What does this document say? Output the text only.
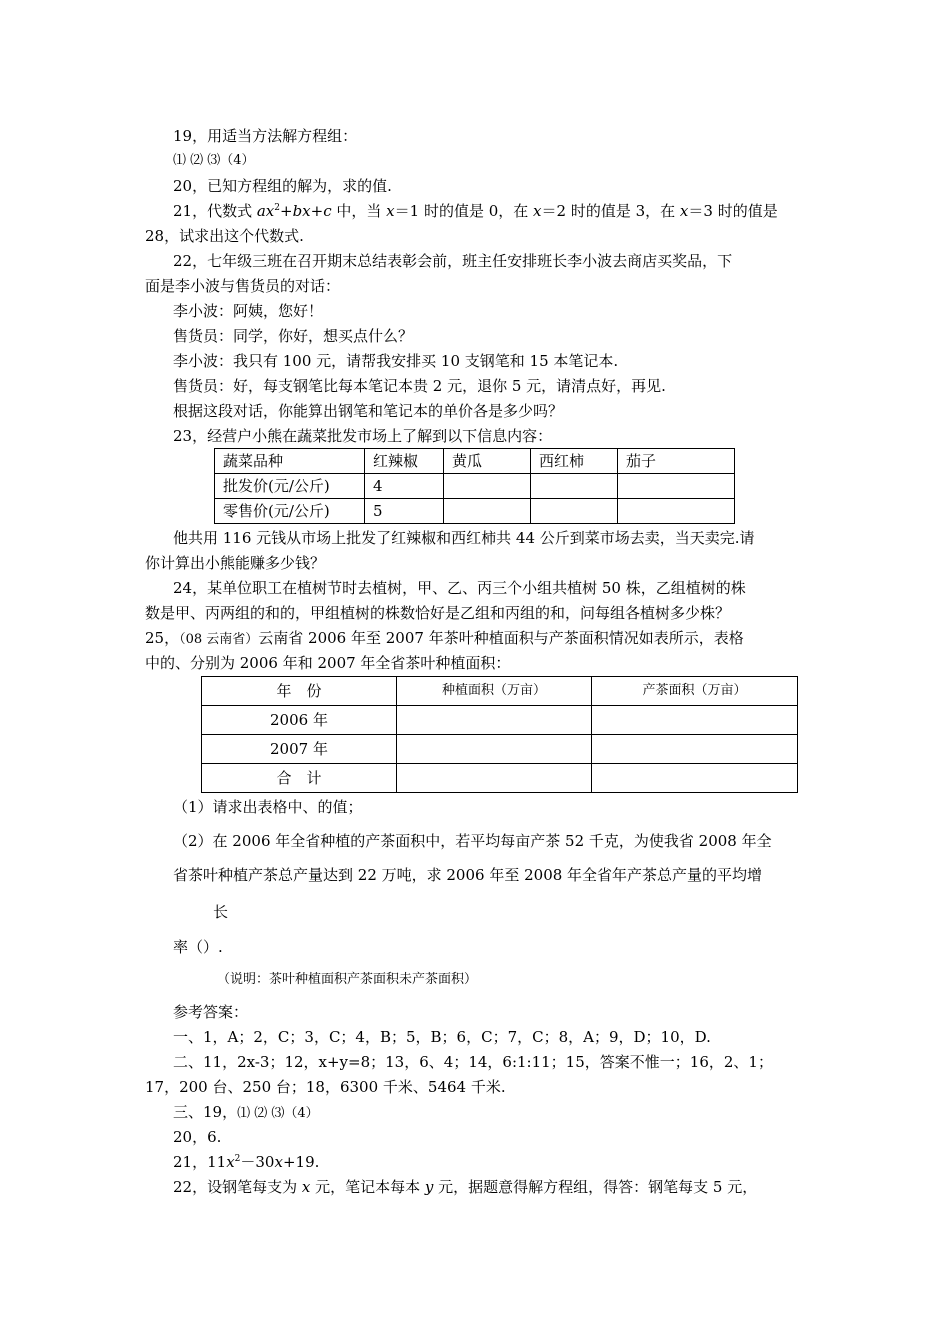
19，用适当方法解方程组：
⑴ ⑵ ⑶（4）
20，已知方程组的解为，求的值.
21，代数式 $ax^2+bx+c$ 中，当 x＝1 时的值是 0，在 x＝2 时的值是 3，在 x＝3 时的值是
28，试求出这个代数式.
22，七年级三班在召开期末总结表彰会前，班主任安排班长李小波去商店买奖品，下
面是李小波与售货员的对话：
李小波：阿姨，您好！
售货员：同学，你好，想买点什么？
李小波：我只有 100 元，请帮我安排买 10 支钢笔和 15 本笔记本.
售货员：好，每支钢笔比每本笔记本贵 2 元，退你 5 元，请清点好，再见.
根据这段对话，你能算出钢笔和笔记本的单价各是多少吗？
23，经营户小熊在蔬菜批发市场上了解到以下信息内容：
蔬菜品种	红辣椒	黄瓜	西红柿	茄子
批发价(元/公斤)	4			
零售价(元/公斤)	5			
他共用 116 元钱从市场上批发了红辣椒和西红柿共 44 公斤到菜市场去卖，当天卖完.请
你计算出小熊能赚多少钱？
24，某单位职工在植树节时去植树，甲、乙、丙三个小组共植树 50 株，乙组植树的株
数是甲、丙两组的和的，甲组植树的株数恰好是乙组和丙组的和，问每组各植树多少株？
25，（08 云南省）云南省 2006 年至 2007 年茶叶种植面积与产茶面积情况如表所示，表格
中的、分别为 2006 年和 2007 年全省茶叶种植面积：
年　份	种植面积（万亩）	产茶面积（万亩）
2006 年		
2007 年		
合　计		
（1）请求出表格中、的值；
（2）在 2006 年全省种植的产茶面积中，若平均每亩产茶 52 千克，为使我省 2008 年全
省茶叶种植产茶总产量达到 22 万吨，求 2006 年至 2008 年全省年产茶总产量的平均增
长
率（）.
（说明：茶叶种植面积产茶面积未产茶面积）
参考答案：
一、1，A；2，C；3，C；4，B；5，B；6，C；7，C；8，A；9，D；10，D.
二、11，2x-3；12，x+y=8；13，6、4；14，6:1:11；15，答案不惟一；16，2、1；
17，200 台、250 台；18，6300 千米、5464 千米.
三、19，⑴ ⑵ ⑶（4）
20，6.
21，$11x^2-30x+19$.
22，设钢笔每支为 x 元，笔记本每本 y 元，据题意得解方程组，得答：钢笔每支 5 元，
